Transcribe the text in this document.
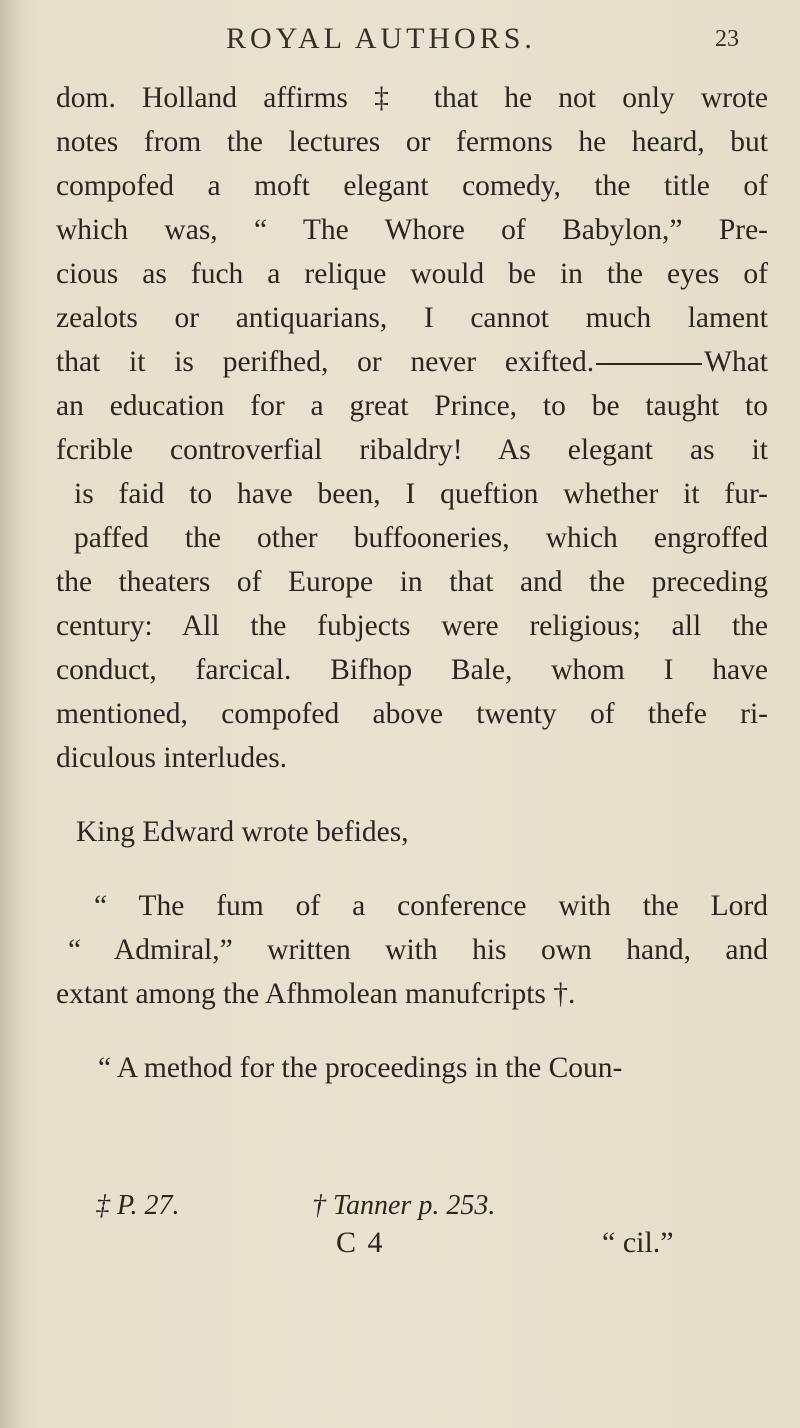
ROYAL AUTHORS.	23
dom. Holland affirms ‡ that he not only wrote
notes from the lectures or fermons he heard, but
compofed a moft elegant comedy, the title of
which was, “ The Whore of Babylon,” Pre-
cious as fuch a relique would be in the eyes of
zealots or antiquarians, I cannot much lament
that it is perifhed, or never exifted.	What
an education for a great Prince, to be taught to
fcrible controverfial ribaldry! As elegant as it
is faid to have been, I queftion whether it fur-
paffed the other buffooneries, which engroffed
the theaters of Europe in that and the preceding
century: All the fubjects were religious; all the
conduct, farcical. Bifhop Bale, whom I have
mentioned, compofed above twenty of thefe ri-
diculous interludes.
King Edward wrote befides,
“ The fum of a conference with the Lord
“ Admiral,” written with his own hand, and
extant among the Afhmolean manufcripts †.
“ A method for the proceedings in the Coun-
‡ P. 27.	† Tanner p. 253.
C 4	“ cil.”
